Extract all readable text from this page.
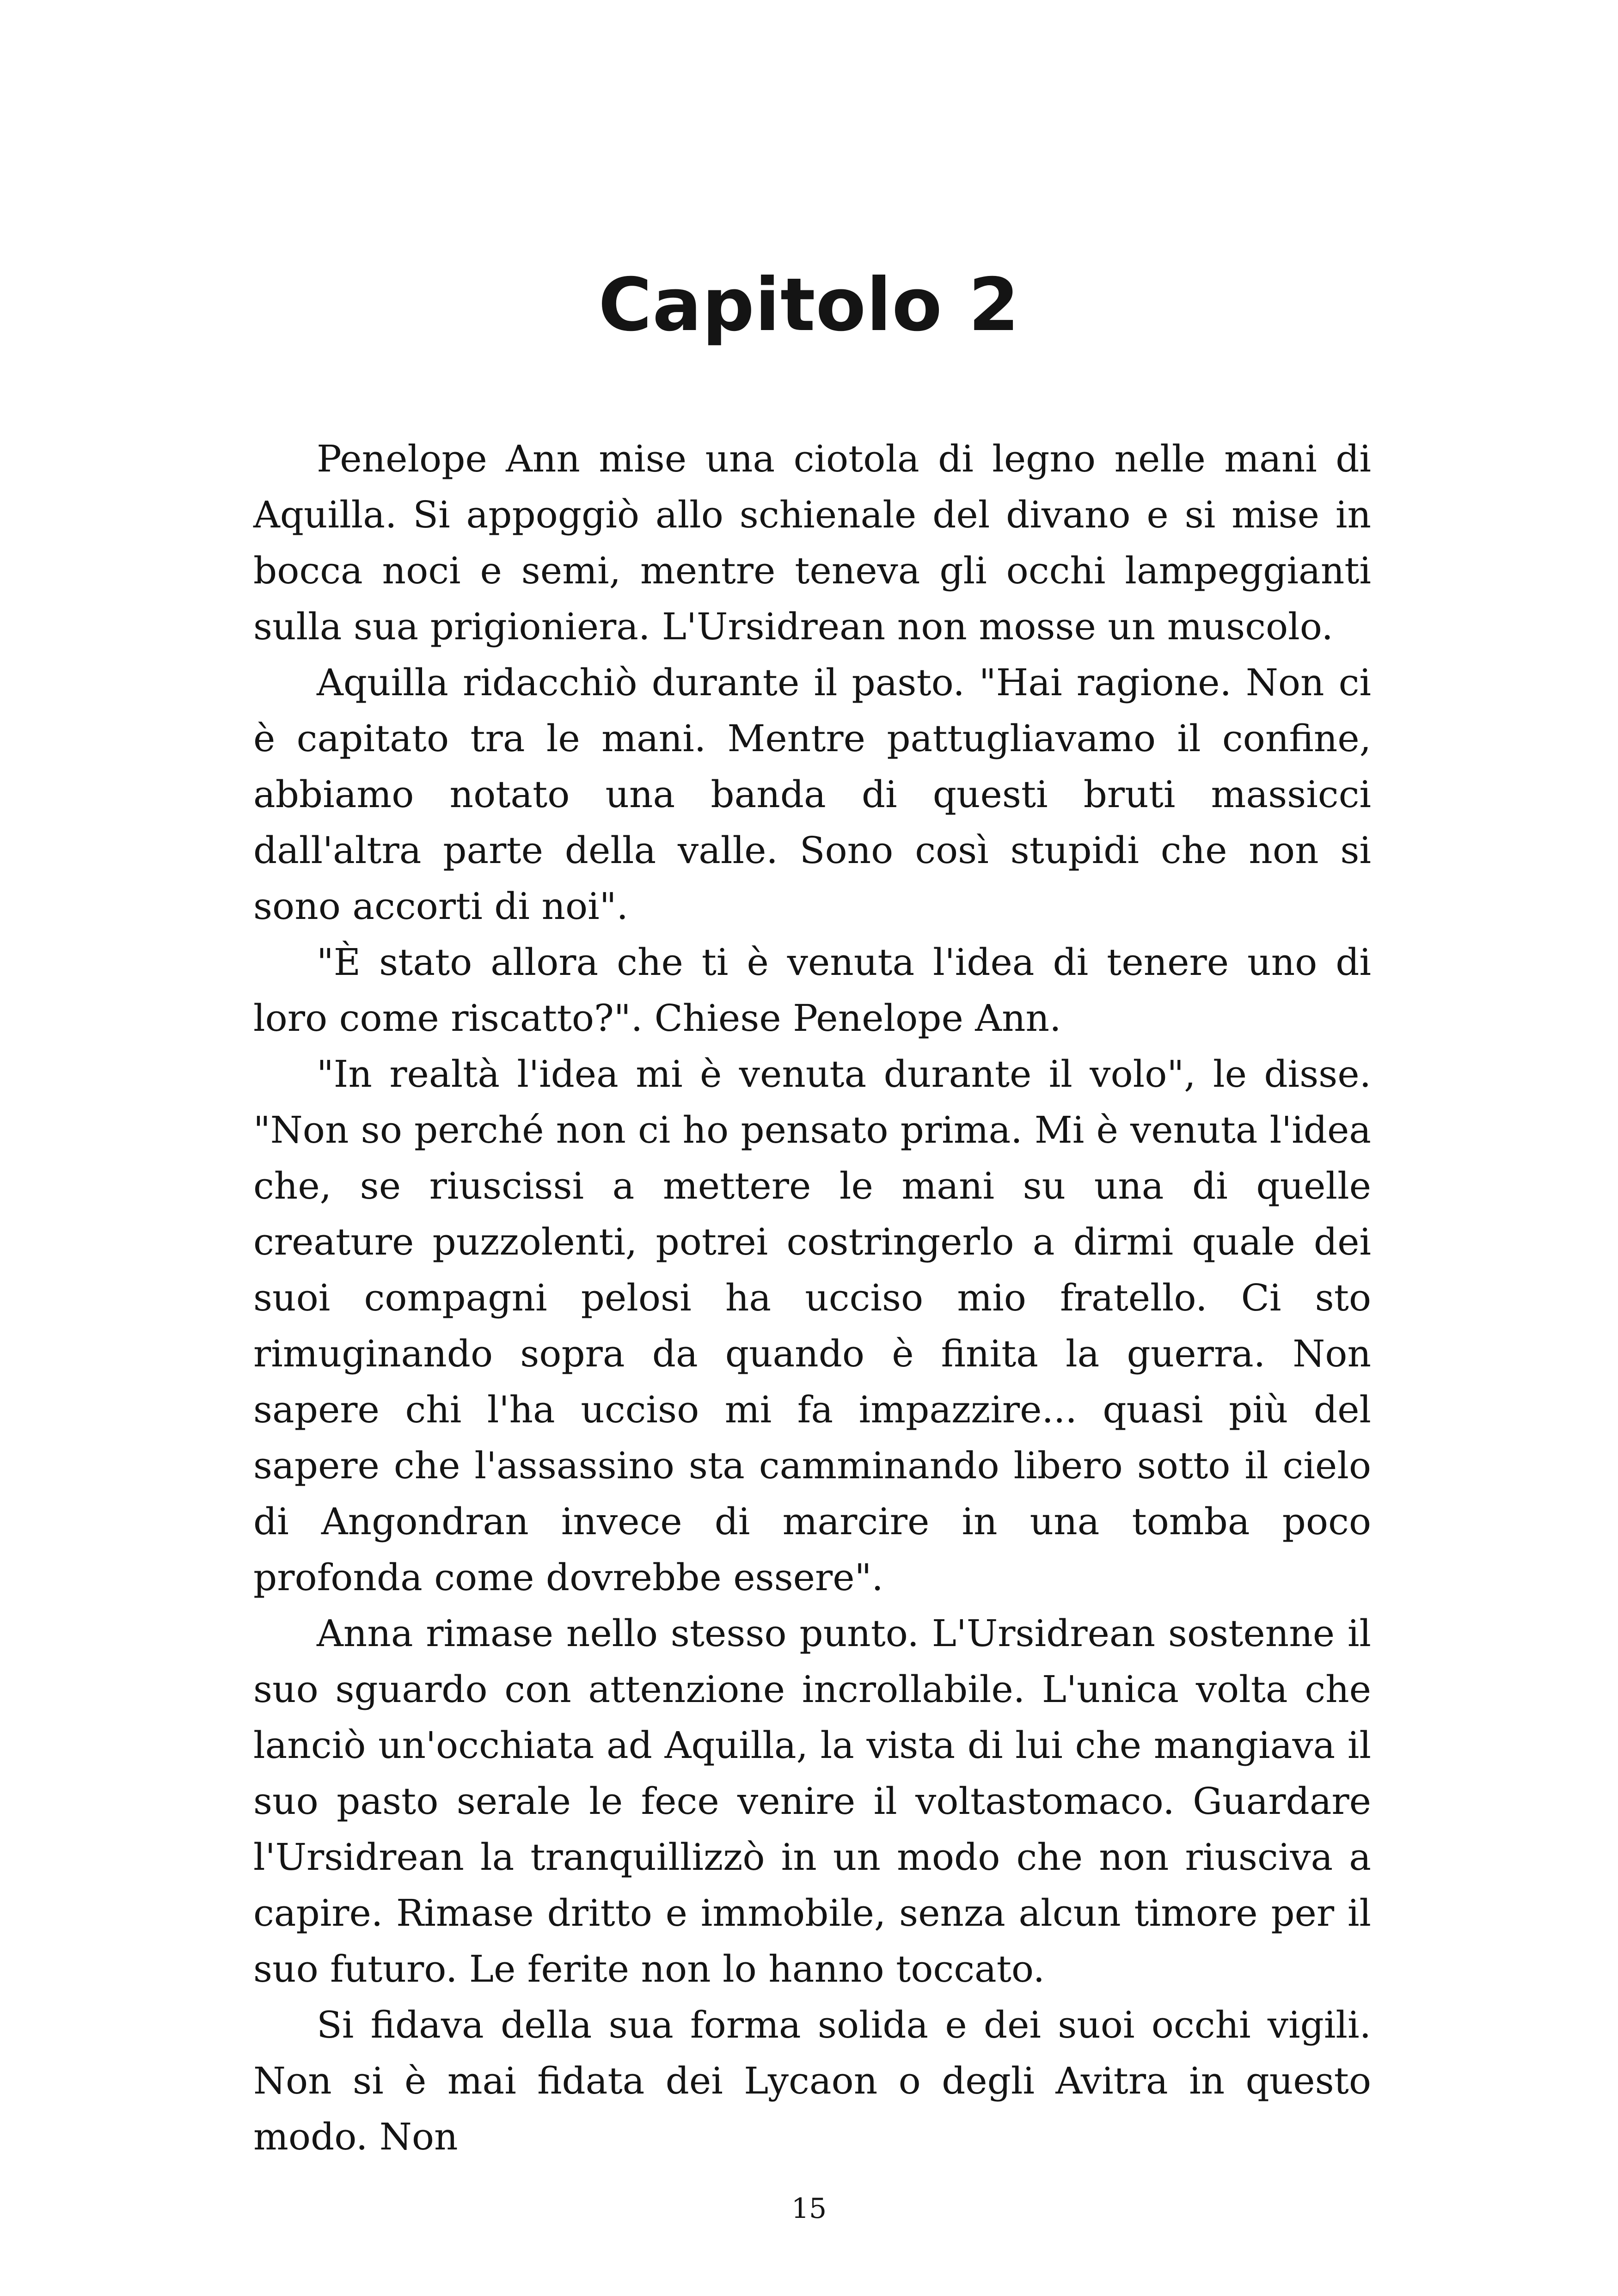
Capitolo 2

Penelope Ann mise una ciotola di legno nelle mani di Aquilla. Si appoggiò allo schienale del divano e si mise in bocca noci e semi, mentre teneva gli occhi lampeggianti sulla sua prigioniera. L'Ursidrean non mosse un muscolo.

Aquilla ridacchiò durante il pasto. "Hai ragione. Non ci è capitato tra le mani. Mentre pattugliavamo il confine, abbiamo notato una banda di questi bruti massicci dall'altra parte della valle. Sono così stupidi che non si sono accorti di noi".

"È stato allora che ti è venuta l'idea di tenere uno di loro come riscatto?". Chiese Penelope Ann.

"In realtà l'idea mi è venuta durante il volo", le disse. "Non so perché non ci ho pensato prima. Mi è venuta l'idea che, se riuscissi a mettere le mani su una di quelle creature puzzolenti, potrei costringerlo a dirmi quale dei suoi compagni pelosi ha ucciso mio fratello. Ci sto rimuginando sopra da quando è finita la guerra. Non sapere chi l'ha ucciso mi fa impazzire... quasi più del sapere che l'assassino sta camminando libero sotto il cielo di Angondran invece di marcire in una tomba poco profonda come dovrebbe essere".

Anna rimase nello stesso punto. L'Ursidrean sostenne il suo sguardo con attenzione incrollabile. L'unica volta che lanciò un'occhiata ad Aquilla, la vista di lui che mangiava il suo pasto serale le fece venire il voltastomaco. Guardare l'Ursidrean la tranquillizzò in un modo che non riusciva a capire. Rimase dritto e immobile, senza alcun timore per il suo futuro. Le ferite non lo hanno toccato.

Si fidava della sua forma solida e dei suoi occhi vigili. Non si è mai fidata dei Lycaon o degli Avitra in questo modo. Non

15
